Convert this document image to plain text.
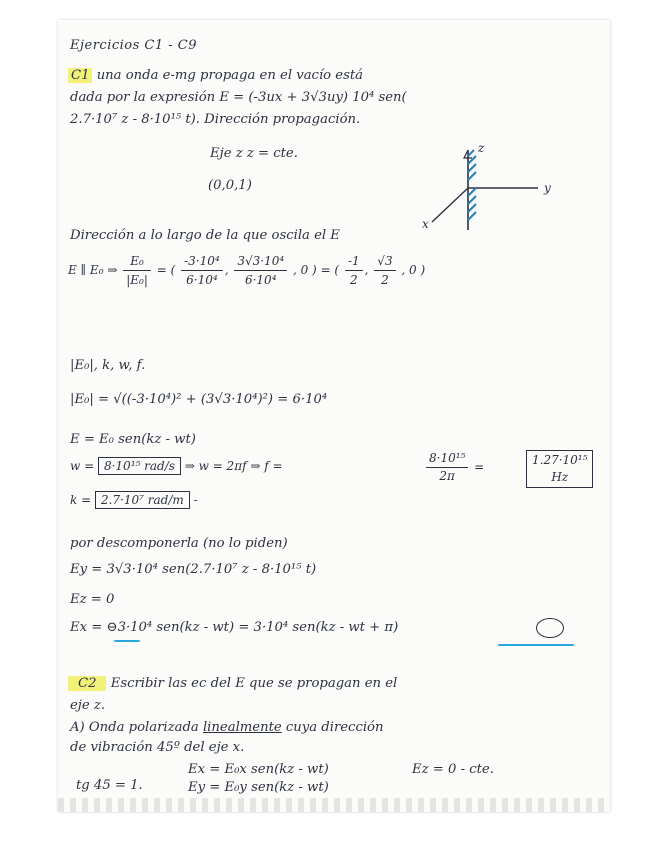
Ejercicios C1 - C9
C1 una onda e-mg propaga en el vacío está
dada por la expresión E = (-3ux + 3√3uy) 10⁴ sen(
2.7·10⁷ z - 8·10¹⁵ t). Dirección propagación.
Eje z z = cte.
(0,0,1)
z
y
x
Dirección a lo largo de la que oscila el E
E ∥ E₀ ⇒ $\frac{\text{E₀}}{\text{|E₀|}}$ = ( $\frac{\text{-3·10⁴}}{\text{6·10⁴}}$ , $\frac{\text{3√3·10⁴}}{\text{6·10⁴}}$ , 0 ) = ( $\frac{-1}{2}$ , $\frac{√3}{2}$ , 0 )
|E₀|, k, w, f.
|E₀| = √((-3·10⁴)² + (3√3·10⁴)²) = 6·10⁴
E = E₀ sen(kz - wt)
w = 8·10¹⁵ rad/s ⇒ w = 2πf ⇒ f =	$\frac{\text{8·10¹⁵}}{2\pi}$ =	1.27·10¹⁵
Hz
k = 2.7·10⁷ rad/m -
por descomponerla (no lo piden)
Ey = 3√3·10⁴ sen(2.7·10⁷ z - 8·10¹⁵ t)
Ez = 0
Ex = ⊖3·10⁴ sen(kz - wt) = 3·10⁴ sen(kz - wt + π)
C2 Escribir las ec del E que se propagan en el
eje z.
A) Onda polarizada linealmente cuya dirección
de vibración 45º del eje x.
Ex = E₀x sen(kz - wt)	Ez = 0 - cte.
tg 45 = 1.	Ey = E₀y sen(kz - wt)
